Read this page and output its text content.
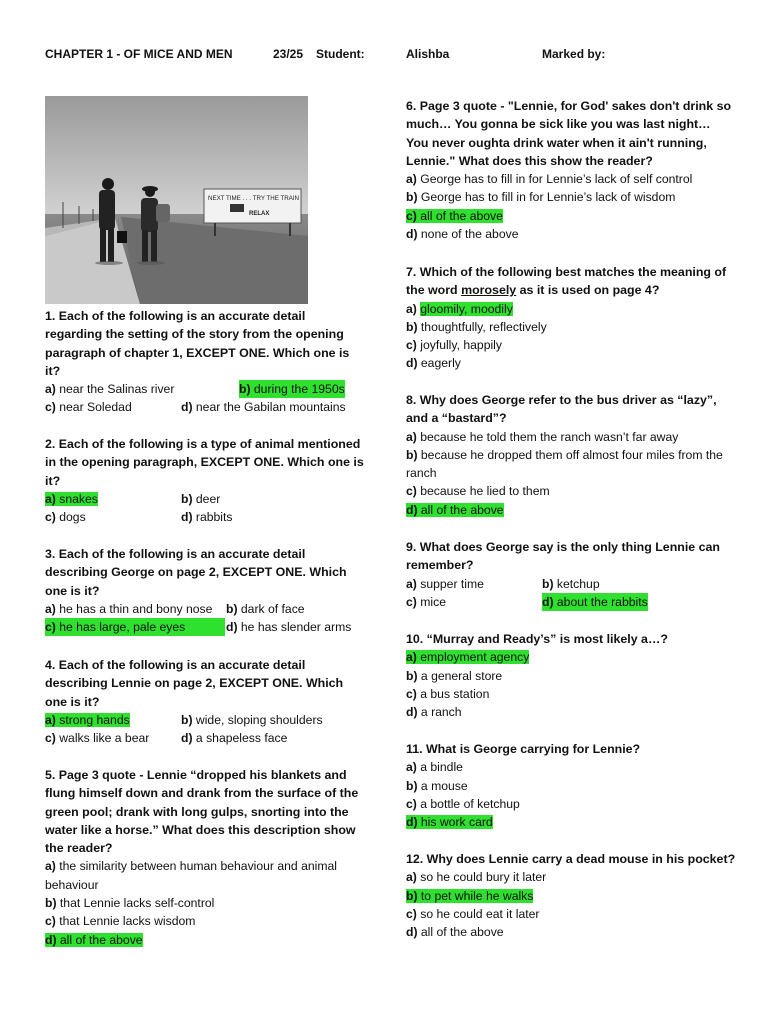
CHAPTER 1 - OF MICE AND MEN	23/25 Student:	Alishba	Marked by:
NEXT TIME . . . TRY THE TRAIN
RELAX
1. Each of the following is an accurate detail regarding the setting of the story from the opening paragraph of chapter 1, EXCEPT ONE. Which one is it?
a) near the Salinas river	b) during the 1950s
c) near Soledad	d) near the Gabilan mountains
2. Each of the following is a type of animal mentioned in the opening paragraph, EXCEPT ONE. Which one is it?
a) snakes	b) deer
c) dogs	d) rabbits
3. Each of the following is an accurate detail describing George on page 2, EXCEPT ONE. Which one is it?
a) he has a thin and bony nose b) dark of face
c) he has large, pale eyes	d) he has slender arms
4. Each of the following is an accurate detail describing Lennie on page 2, EXCEPT ONE. Which one is it?
a) strong hands	b) wide, sloping shoulders
c) walks like a bear	d) a shapeless face
5. Page 3 quote - Lennie “dropped his blankets and flung himself down and drank from the surface of the green pool; drank with long gulps, snorting into the water like a horse.” What does this description show the reader?
a) the similarity between human behaviour and animal behaviour
b) that Lennie lacks self-control
c) that Lennie lacks wisdom
d) all of the above
6. Page 3 quote - "Lennie, for God' sakes don't drink so much… You gonna be sick like you was last night… You never oughta drink water when it ain't running, Lennie." What does this show the reader?
a) George has to fill in for Lennie’s lack of self control
b) George has to fill in for Lennie’s lack of wisdom
c) all of the above
d) none of the above
7. Which of the following best matches the meaning of the word morosely as it is used on page 4?
a) gloomily, moodily
b) thoughtfully, reflectively
c) joyfully, happily
d) eagerly
8. Why does George refer to the bus driver as “lazy”, and a “bastard”?
a) because he told them the ranch wasn’t far away
b) because he dropped them off almost four miles from the ranch
c) because he lied to them
d) all of the above
9. What does George say is the only thing Lennie can remember?
a) supper time	b) ketchup
c) mice	d) about the rabbits
10. “Murray and Ready’s” is most likely a…?
a) employment agency
b) a general store
c) a bus station
d) a ranch
11. What is George carrying for Lennie?
a) a bindle
b) a mouse
c) a bottle of ketchup
d) his work card
12. Why does Lennie carry a dead mouse in his pocket?
a) so he could bury it later
b) to pet while he walks
c) so he could eat it later
d) all of the above
